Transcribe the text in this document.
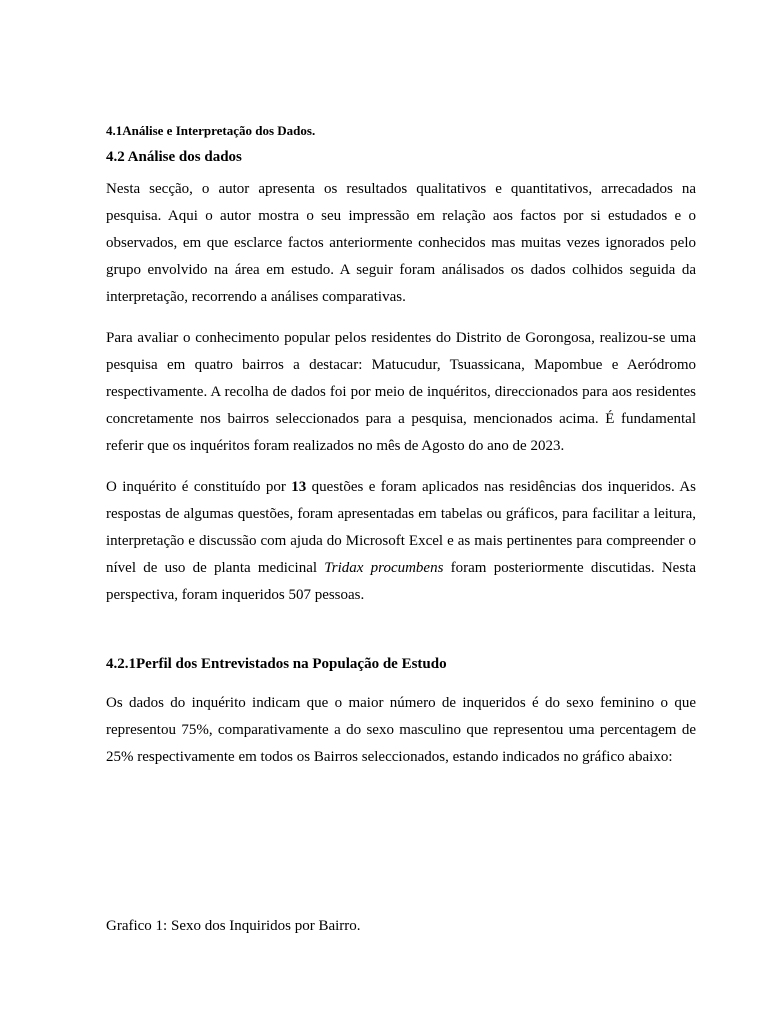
4.1Análise e Interpretação dos Dados.
4.2 Análise dos dados

Nesta secção, o autor apresenta os resultados qualitativos e quantitativos, arrecadados na pesquisa. Aqui o autor mostra o seu impressão em relação aos factos por si estudados e o observados, em que esclarce factos anteriormente conhecidos mas muitas vezes ignorados pelo grupo envolvido na área em estudo. A seguir foram análisados os dados colhidos seguida da interpretação, recorrendo a análises comparativas.

Para avaliar o conhecimento popular pelos residentes do Distrito de Gorongosa, realizou-se uma pesquisa em quatro bairros a destacar: Matucudur, Tsuassicana, Mapombue e Aeródromo respectivamente. A recolha de dados foi por meio de inquéritos, direccionados para aos residentes concretamente nos bairros seleccionados para a pesquisa, mencionados acima. É fundamental referir que os inquéritos foram realizados no mês de Agosto do ano de 2023.

O inquérito é constituído por 13 questões e foram aplicados nas residências dos inqueridos. As respostas de algumas questões, foram apresentadas em tabelas ou gráficos, para facilitar a leitura, interpretação e discussão com ajuda do Microsoft Excel e as mais pertinentes para compreender o nível de uso de planta medicinal Tridax procumbens foram posteriormente discutidas. Nesta perspectiva, foram inqueridos 507 pessoas.

4.2.1Perfil dos Entrevistados na População de Estudo

Os dados do inquérito indicam que o maior número de inqueridos é do sexo feminino o que representou 75%, comparativamente a do sexo masculino que representou uma percentagem de 25% respectivamente em todos os Bairros seleccionados, estando indicados no gráfico abaixo:

Grafico 1: Sexo dos Inquiridos por Bairro.
